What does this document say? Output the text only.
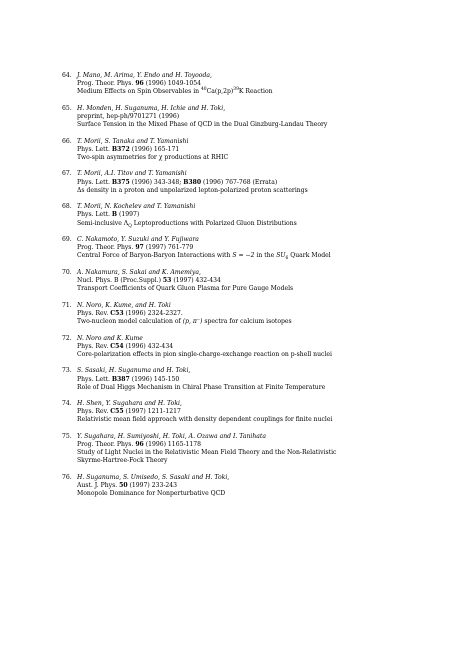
64. J. Mano, M. Arima, Y. Endo and H. Toyooda,
Prog. Theor. Phys. 96 (1996) 1049-1054
Medium Effects on Spin Observables in $^{40}Ca(p,2p)^{39}K$ Reaction
65. H. Monden, H. Suganuma, H. Ichie and H. Toki,
preprint, hep-ph/9701271 (1996)
Surface Tension in the Mixed Phase of QCD in the Dual Ginzburg-Landau Theory
66. T. Morii, S. Tanaka and T. Yamanishi
Phys. Lett. B372 (1996) 165-171
Two-spin asymmetries for χ productions at RHIC
67. T. Morii, A.I. Titov and T. Yamanishi
Phys. Lett. B375 (1996) 343-348; B380 (1996) 767-768 (Errata)
Δs density in a proton and unpolarized lepton-polarized proton scatterings
68. T. Morii, N. Kochelev and T. Yamanishi
Phys. Lett. B (1997)
Semi-inclusive $\Lambda_Q$ Leptoproductions with Polarized Gluon Distributions
69. C. Nakamoto, Y. Suzuki and Y. Fujiwara
Prog. Theor. Phys. 97 (1997) 761-779
Central Force of Baryon-Baryon Interactions with S = −2 in the $SU_6$ Quark Model
70. A. Nakamura, S. Sakai and K. Amemiya,
Nucl. Phys. B (Proc.Suppl.) 53 (1997) 432-434
Transport Coefficients of Quark Gluon Plasma for Pure Gauge Models
71. N. Noro, K. Kume, and H. Toki
Phys. Rev. C53 (1996) 2324-2327.
Two-nucleon model calculation of (p, π⁻) spectra for calcium isotopes
72. N. Noro and K. Kume
Phys. Rev. C54 (1996) 432-434
Core-polarization effects in pion single-charge-exchange reaction on p-shell nuclei
73. S. Sasaki, H. Suganuma and H. Toki,
Phys. Lett. B387 (1996) 145-150
Role of Dual Higgs Mechanism in Chiral Phase Transition at Finite Temperature
74. H. Shen, Y. Sugahara and H. Toki,
Phys. Rev. C55 (1997) 1211-1217
Relativistic mean field approach with density dependent couplings for finite nuclei
75. Y. Sugahara, H. Sumiyoshi, H. Toki, A. Ozawa and I. Tanihata
Prog. Theor. Phys. 96 (1996) 1165-1178
Study of Light Nuclei in the Relativistic Mean Field Theory and the Non-Relativistic
Skyrme-Hartree-Fock Theory
76. H. Suganuma, S. Umisedo, S. Sasaki and H. Toki,
Aust. J. Phys. 50 (1997) 233-243
Monopole Dominance for Nonperturbative QCD
